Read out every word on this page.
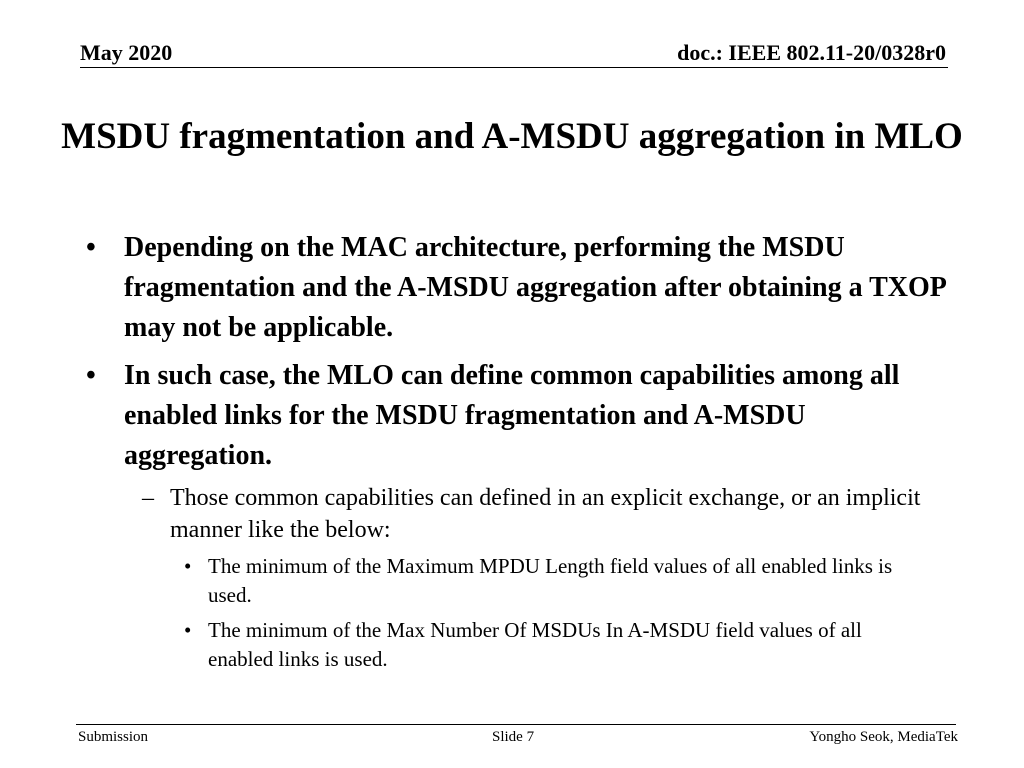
May 2020	doc.: IEEE 802.11-20/0328r0
MSDU fragmentation and A-MSDU aggregation in MLO
• Depending on the MAC architecture, performing the MSDU fragmentation and the A-MSDU aggregation after obtaining a TXOP may not be applicable.
• In such case, the MLO can define common capabilities among all enabled links for the MSDU fragmentation and A-MSDU aggregation.
– Those common capabilities can defined in an explicit exchange, or an implicit manner like the below:
• The minimum of the Maximum MPDU Length field values of all enabled links is used.
• The minimum of the Max Number Of MSDUs In A-MSDU field values of all enabled links is used.
Submission	Slide 7	Yongho Seok, MediaTek
